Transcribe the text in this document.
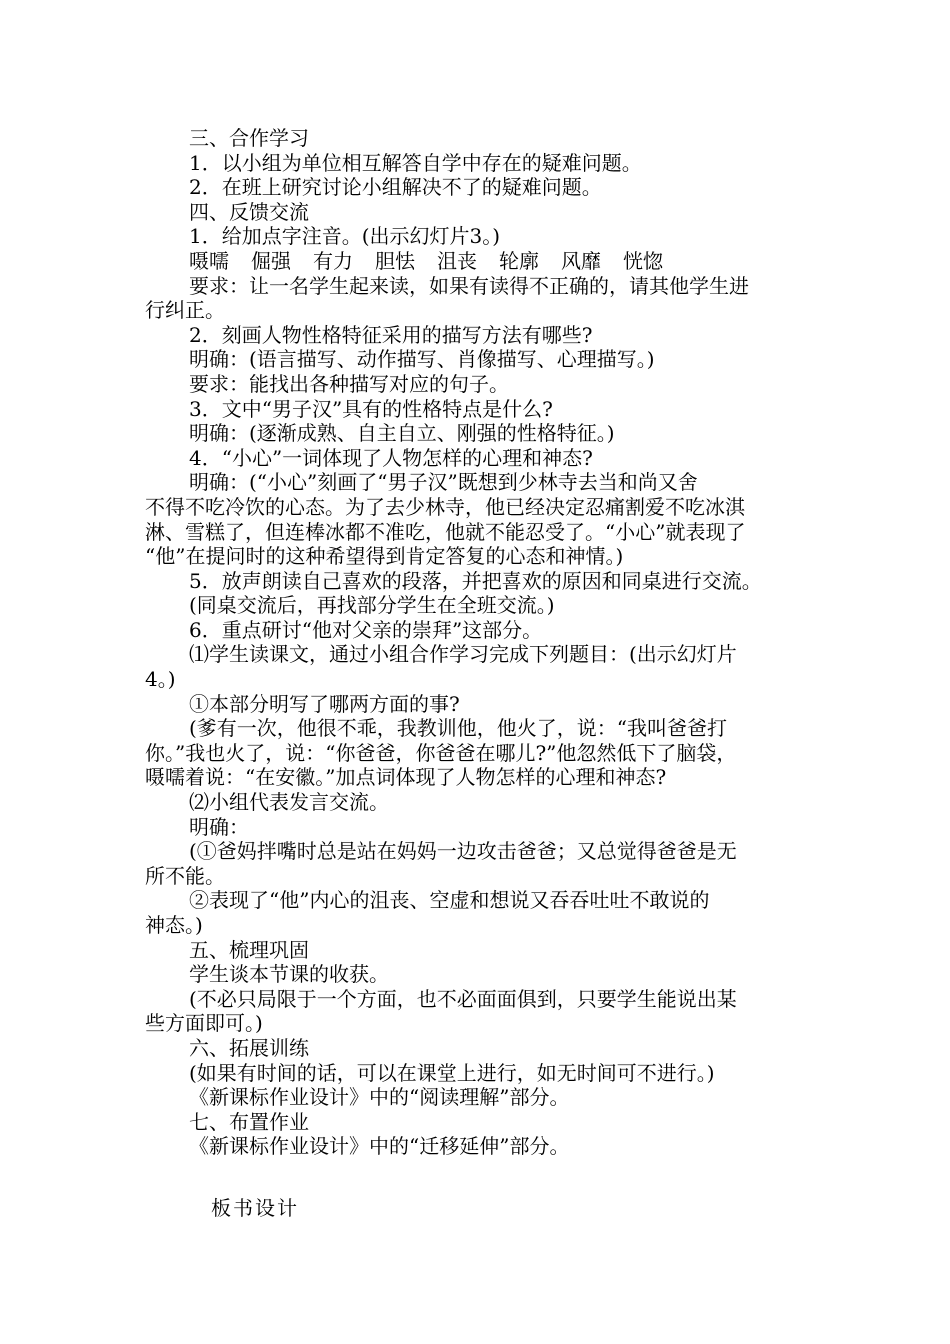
三、合作学习
1．以小组为单位相互解答自学中存在的疑难问题。
2．在班上研究讨论小组解决不了的疑难问题。
四、反馈交流
1．给加点字注音。(出示幻灯片3。)
嗫嚅 倔强 有力 胆怯 沮丧 轮廓 风靡 恍惚
要求：让一名学生起来读，如果有读得不正确的，请其他学生进
行纠正。
2．刻画人物性格特征采用的描写方法有哪些?
明确：(语言描写、动作描写、肖像描写、心理描写。)
要求：能找出各种描写对应的句子。
3．文中“男子汉”具有的性格特点是什么?
明确：(逐渐成熟、自主自立、刚强的性格特征。)
4．“小心”一词体现了人物怎样的心理和神态?
明确：(“小心”刻画了“男子汉”既想到少林寺去当和尚又舍
不得不吃冷饮的心态。为了去少林寺，他已经决定忍痛割爱不吃冰淇
淋、雪糕了，但连棒冰都不准吃，他就不能忍受了。“小心”就表现了
“他”在提问时的这种希望得到肯定答复的心态和神情。)
5．放声朗读自己喜欢的段落，并把喜欢的原因和同桌进行交流。
(同桌交流后，再找部分学生在全班交流。)
6．重点研讨“他对父亲的崇拜”这部分。
⑴学生读课文，通过小组合作学习完成下列题目：(出示幻灯片
4。)
①本部分明写了哪两方面的事?
(爹有一次，他很不乖，我教训他，他火了，说：“我叫爸爸打
你。”我也火了，说：“你爸爸，你爸爸在哪儿?”他忽然低下了脑袋，
嗫嚅着说：“在安徽。”加点词体现了人物怎样的心理和神态?
⑵小组代表发言交流。
明确：
(①爸妈拌嘴时总是站在妈妈一边攻击爸爸；又总觉得爸爸是无
所不能。
②表现了“他”内心的沮丧、空虚和想说又吞吞吐吐不敢说的
神态。)
五、梳理巩固
学生谈本节课的收获。
(不必只局限于一个方面，也不必面面俱到，只要学生能说出某
些方面即可。)
六、拓展训练
(如果有时间的话，可以在课堂上进行，如无时间可不进行。)
《新课标作业设计》中的“阅读理解”部分。
七、布置作业
《新课标作业设计》中的“迁移延伸”部分。
板书设计
